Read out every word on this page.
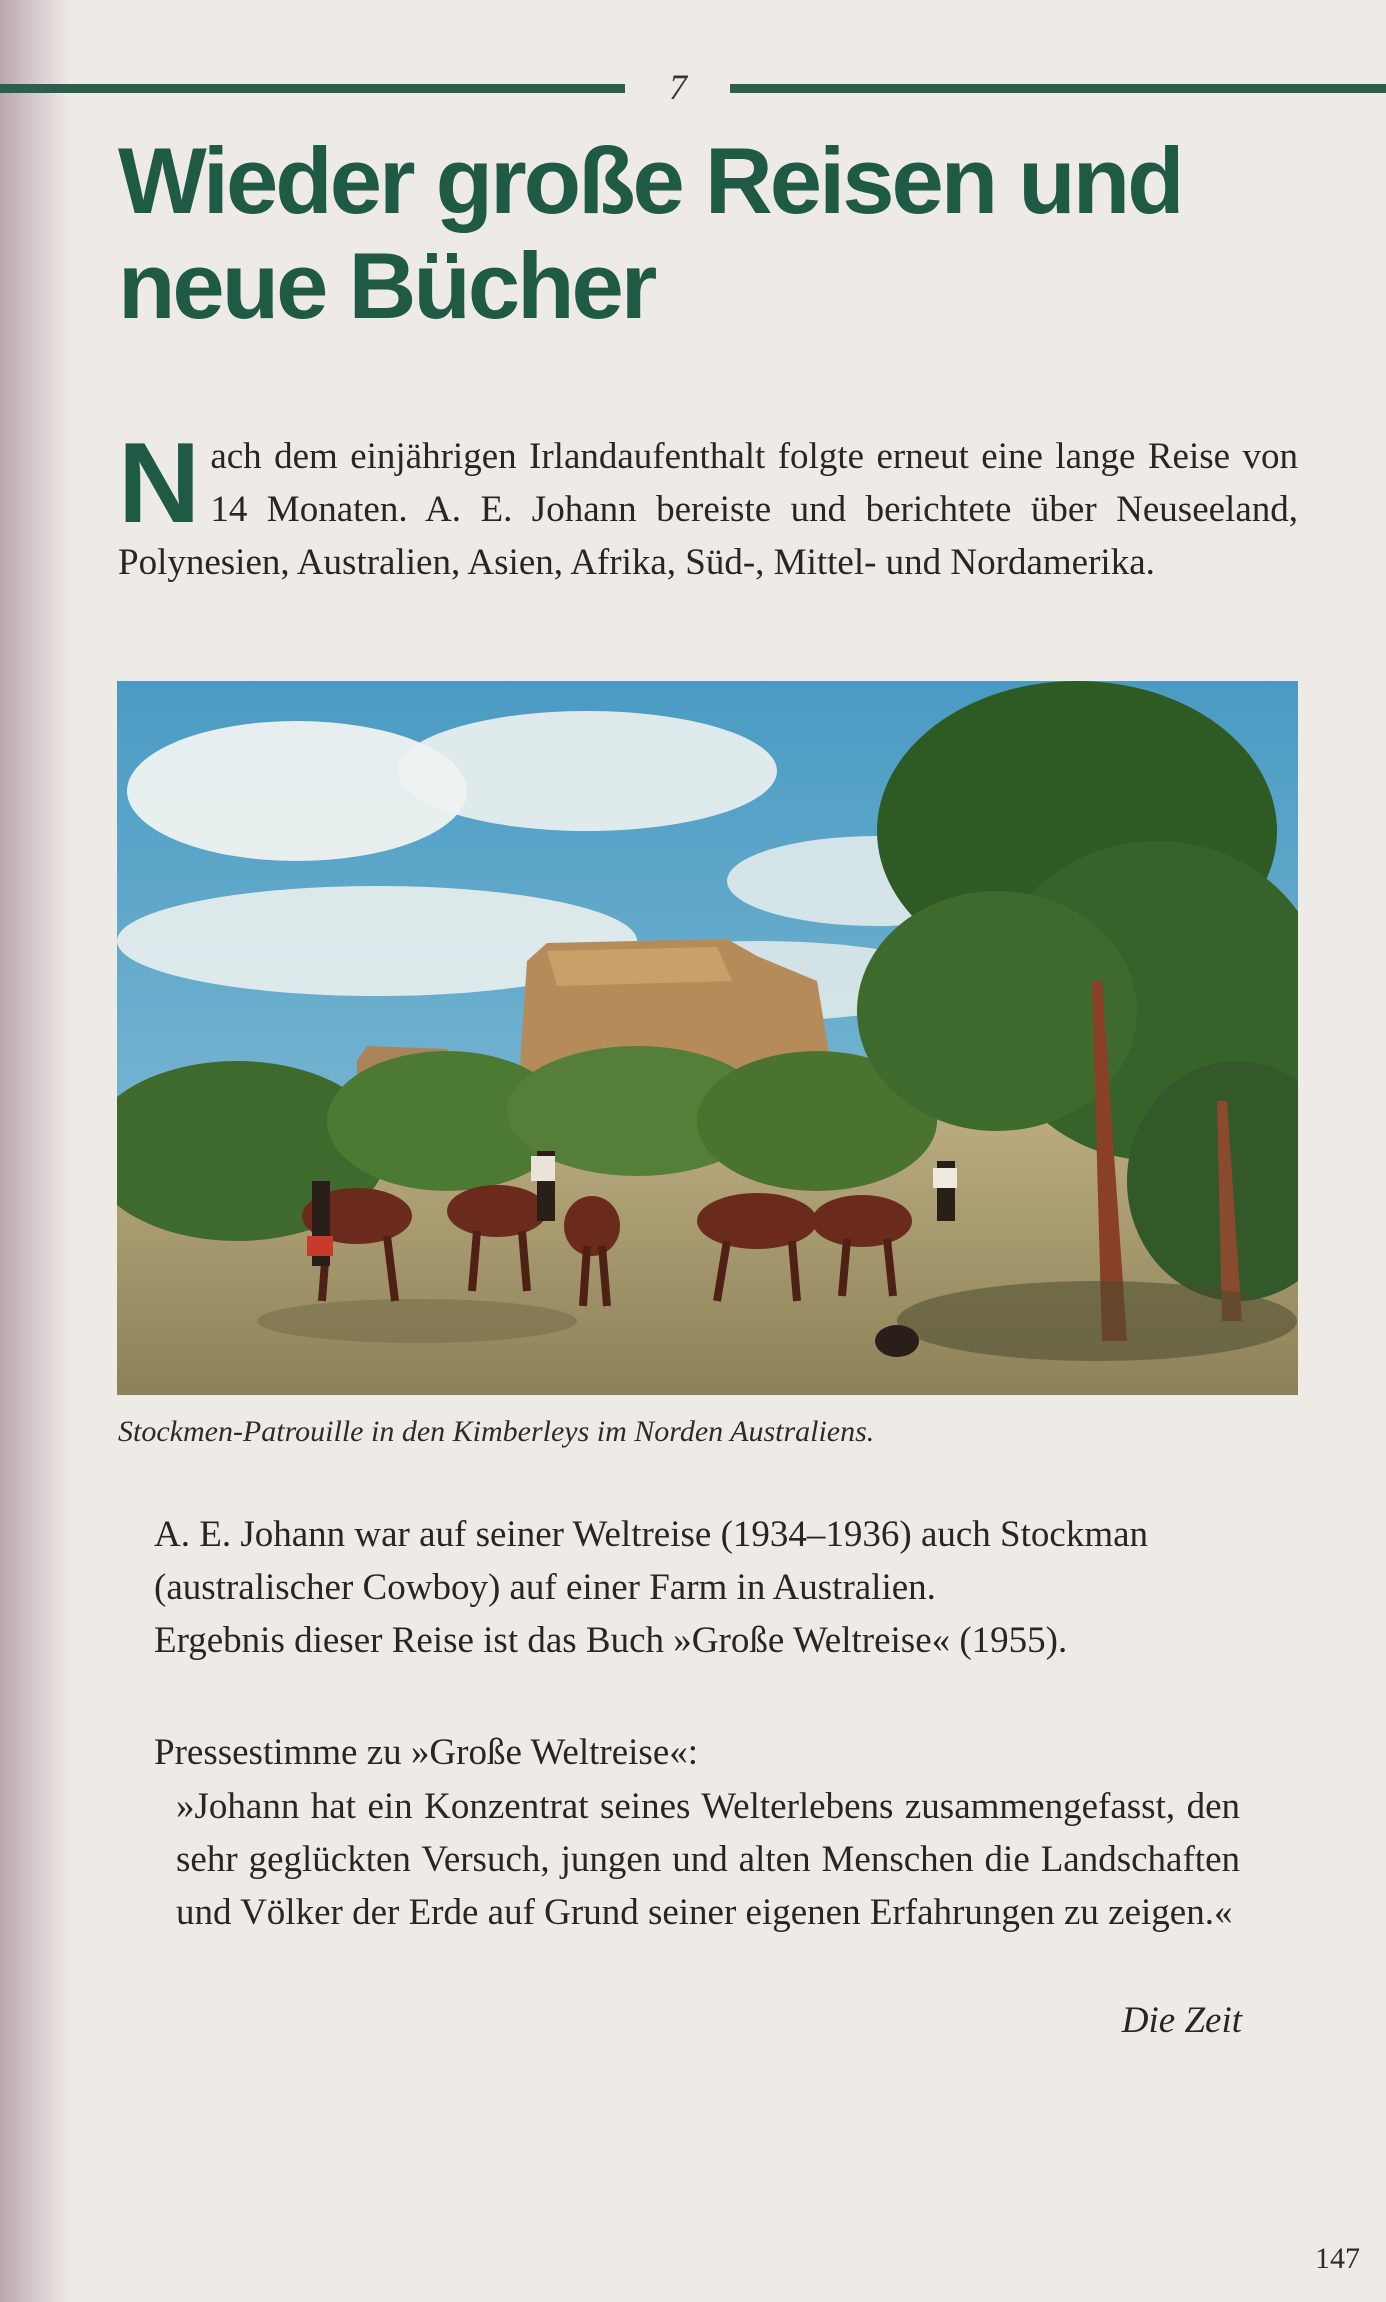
7
Wieder große Reisen und
neue Bücher

N ach dem einjährigen Irlandaufenthalt folgte erneut eine lange Reise von 14 Monaten. A. E. Johann bereiste und berichtete über Neuseeland, Polynesien, Australien, Asien, Afrika, Süd-, Mittel- und Nordamerika.

Stockmen-Patrouille in den Kimberleys im Norden Australiens.

A. E. Johann war auf seiner Weltreise (1934–1936) auch Stockman (australischer Cowboy) auf einer Farm in Australien.
Ergebnis dieser Reise ist das Buch »Große Weltreise« (1955).

Pressestimme zu »Große Weltreise«:

»Johann hat ein Konzentrat seines Welterlebens zusammengefasst, den sehr geglückten Versuch, jungen und alten Menschen die Landschaften und Völker der Erde auf Grund seiner eigenen Erfahrungen zu zeigen.«

Die Zeit

147
